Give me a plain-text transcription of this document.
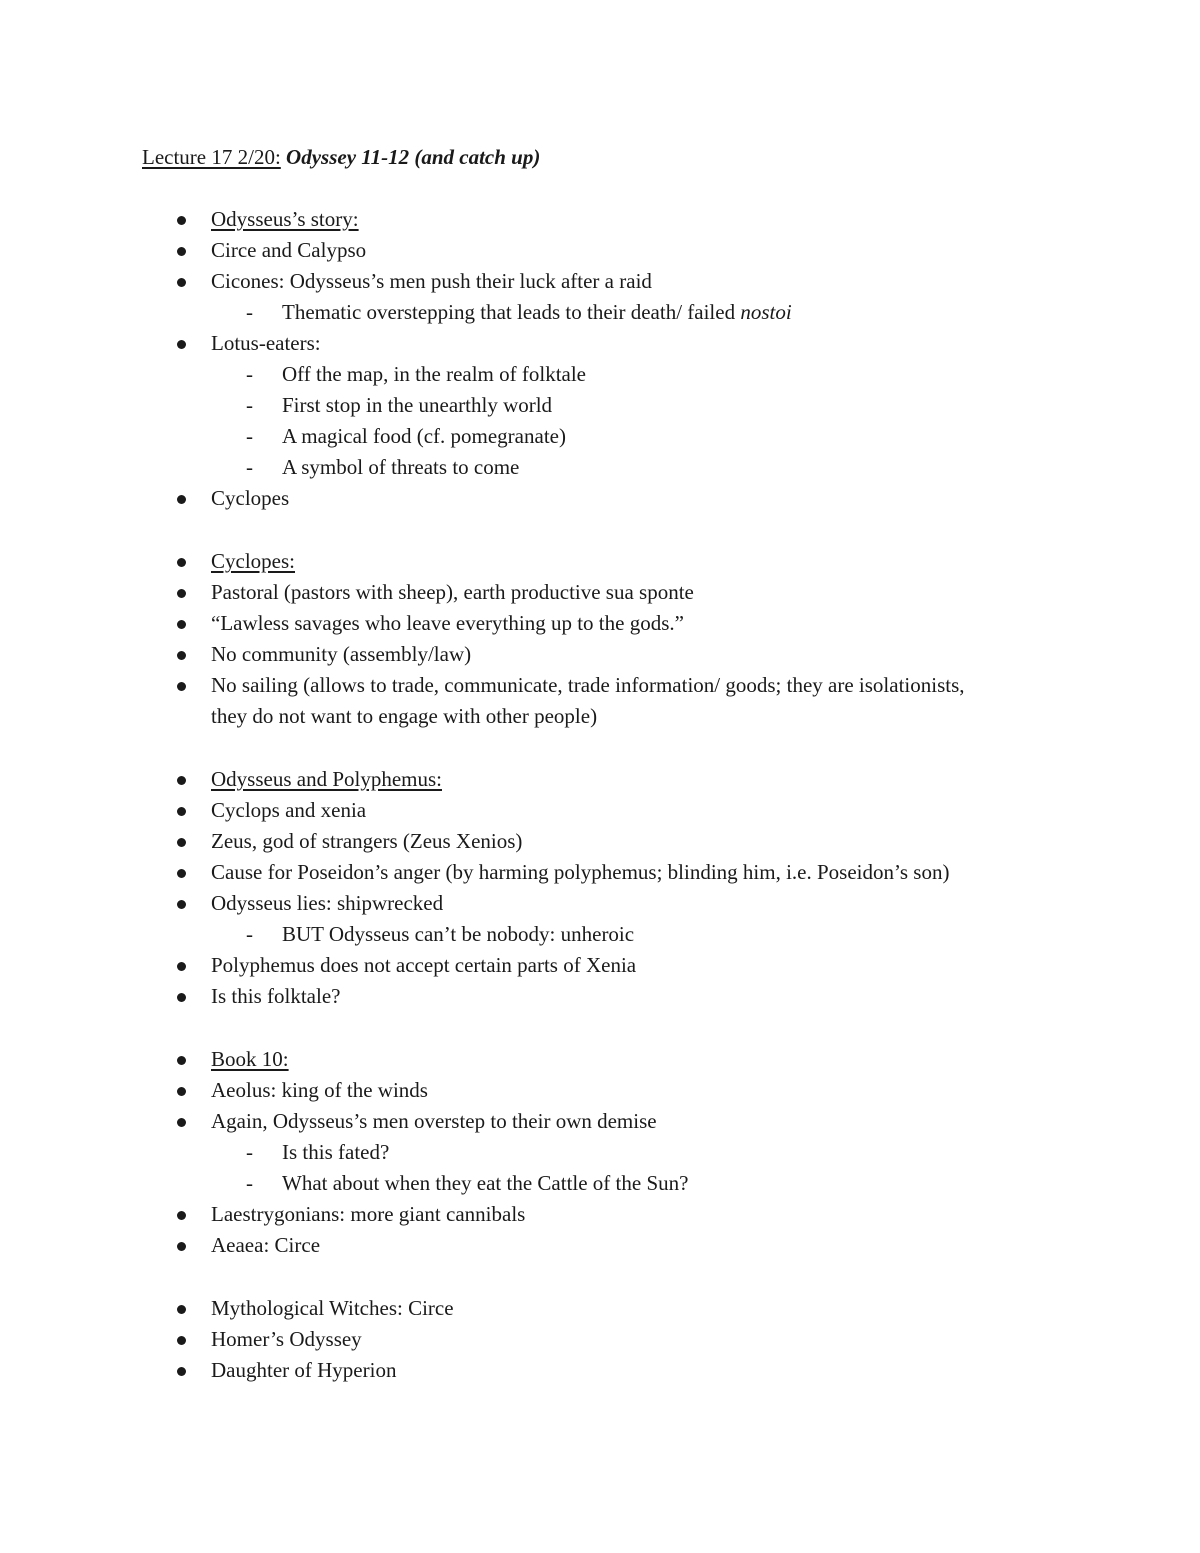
Lecture 17 2/20: Odyssey 11-12 (and catch up)
Odysseus’s story:
Circe and Calypso
Cicones: Odysseus’s men push their luck after a raid
- Thematic overstepping that leads to their death/ failed nostoi
Lotus-eaters:
- Off the map, in the realm of folktale
- First stop in the unearthly world
- A magical food (cf. pomegranate)
- A symbol of threats to come
Cyclopes
Cyclopes:
Pastoral (pastors with sheep), earth productive sua sponte
“Lawless savages who leave everything up to the gods.”
No community (assembly/law)
No sailing (allows to trade, communicate, trade information/ goods; they are isolationists,
they do not want to engage with other people)
Odysseus and Polyphemus:
Cyclops and xenia
Zeus, god of strangers (Zeus Xenios)
Cause for Poseidon’s anger (by harming polyphemus; blinding him, i.e. Poseidon’s son)
Odysseus lies: shipwrecked
- BUT Odysseus can’t be nobody: unheroic
Polyphemus does not accept certain parts of Xenia
Is this folktale?
Book 10:
Aeolus: king of the winds
Again, Odysseus’s men overstep to their own demise
- Is this fated?
- What about when they eat the Cattle of the Sun?
Laestrygonians: more giant cannibals
Aeaea: Circe
Mythological Witches: Circe
Homer’s Odyssey
Daughter of Hyperion
